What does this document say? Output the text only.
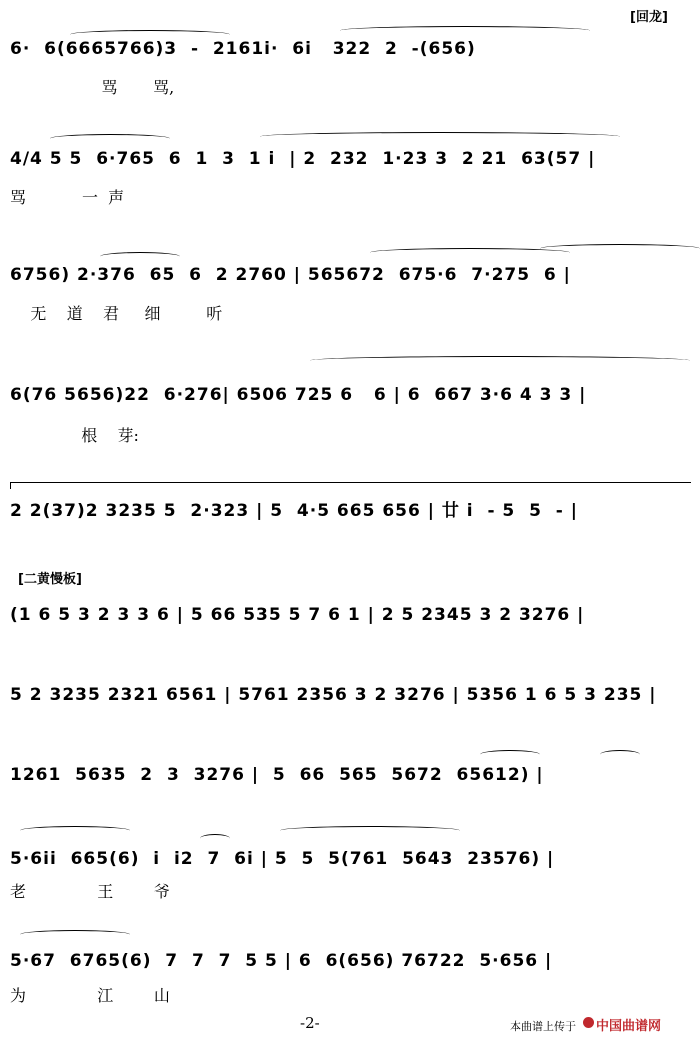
[回龙]
6·  6(6665766)3  -  2161i·  6i   322  2  -(656)
骂       骂,
4/4 5 5  6·765  6  1  3  1 i  | 2  232  1·23 3  2 21  63(57 |
骂           一  声
6756) 2·376  65  6  2 2760 | 565672  675·6  7·275  6 |
无    道    君     细         听
6(76 5656)22  6·276| 6506 725 6   6 | 6  667 3·6 4 3 3 |
根    芽:
2 2(37)2 3235 5  2·323 | 5  4·5 665 656 | 廿 i  - 5  5  - |
[二黄慢板]
(1 6 5 3 2 3 3 6 | 5 66 535 5 7 6 1 | 2 5 2345 3 2 3276 |
5 2 3235 2321 6561 | 5761 2356 3 2 3276 | 5356 1 6 5 3 235 |
1261  5635  2  3  3276 |  5  66  565  5672  65612) |
5·6ii  665(6)  i  i2  7  6i | 5  5  5(761  5643  23576) |
老              王        爷
5·67  6765(6)  7  7  7  5 5 | 6  6(656) 76722  5·656 |
为              江        山
-2-	本曲谱上传于 中国曲谱网
